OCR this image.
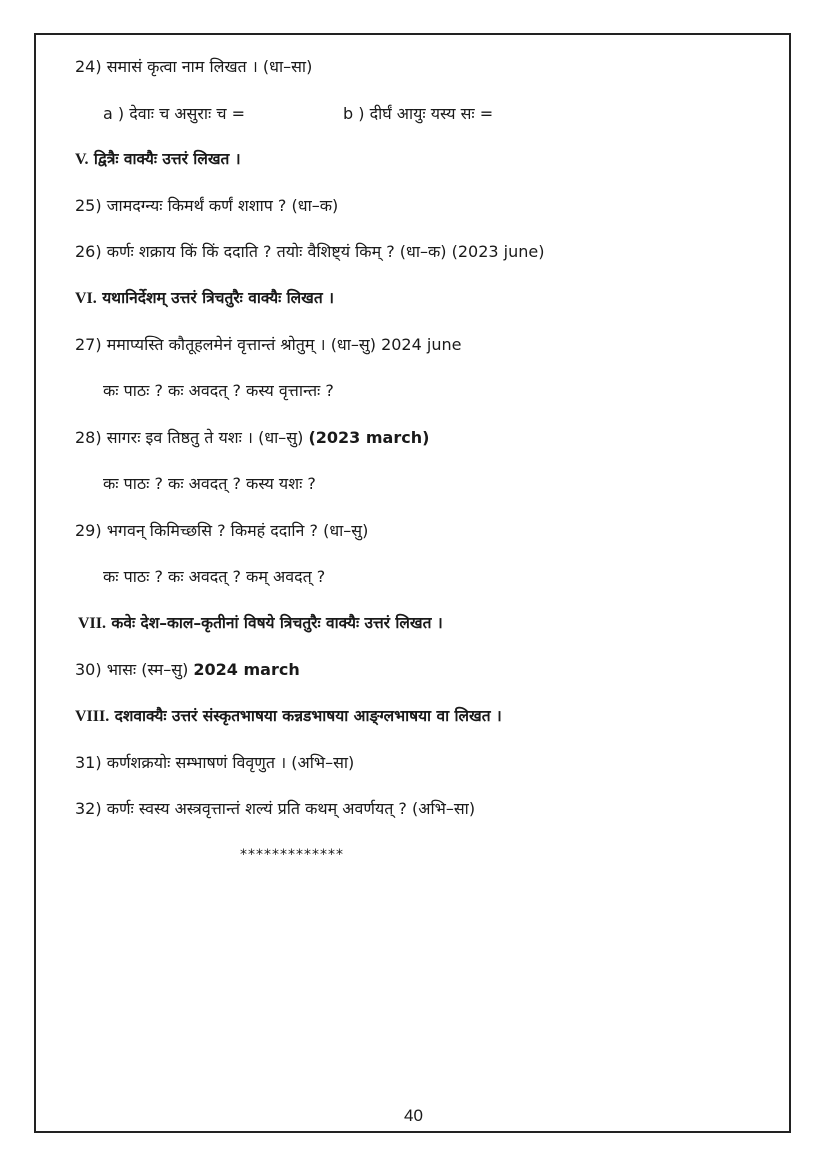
24) समासं कृत्वा नाम लिखत । (धा–सा)
a ) देवाः च असुराः च =	b ) दीर्घं आयुः यस्य सः =
V. द्वित्रैः वाक्यैः उत्तरं लिखत ।
25) जामदग्न्यः किमर्थं कर्णं शशाप ? (धा–क)
26) कर्णः शक्राय किं किं ददाति ? तयोः वैशिष्ट्यं किम् ? (धा–क) (2023 june)
VI. यथानिर्देशम् उत्तरं त्रिचतुरैः वाक्यैः लिखत ।
27) ममाप्यस्ति कौतूहलमेनं वृत्तान्तं श्रोतुम् । (धा–सु) 2024 june
कः पाठः ? कः अवदत् ? कस्य वृत्तान्तः ?
28) सागरः इव तिष्ठतु ते यशः । (धा–सु) (2023 march)
कः पाठः ? कः अवदत् ? कस्य यशः ?
29) भगवन् किमिच्छसि ? किमहं ददानि ? (धा–सु)
कः पाठः ? कः अवदत् ? कम् अवदत् ?
VII. कवेः देश–काल–कृतीनां विषये त्रिचतुरैः वाक्यैः उत्तरं लिखत ।
30) भासः (स्म–सु) 2024 march
VIII. दशवाक्यैः उत्तरं संस्कृतभाषया कन्नडभाषया आङ्ग्लभाषया वा लिखत ।
31) कर्णशक्रयोः सम्भाषणं विवृणुत । (अभि–सा)
32) कर्णः स्वस्य अस्त्रवृत्तान्तं शल्यं प्रति कथम् अवर्णयत् ? (अभि–सा)
*************
40
